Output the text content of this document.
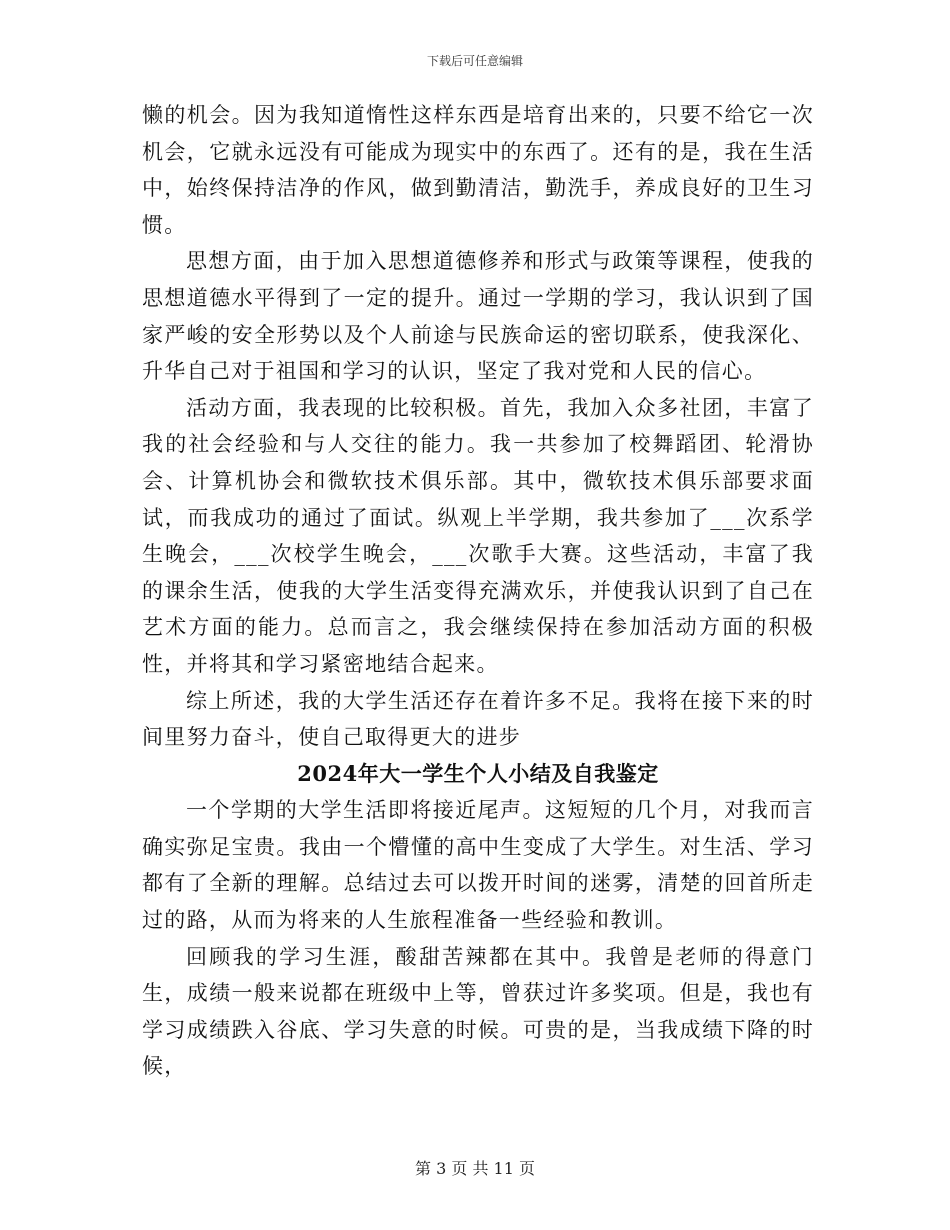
下载后可任意编辑

懒的机会。因为我知道惰性这样东西是培育出来的，只要不给它一次机会，它就永远没有可能成为现实中的东西了。还有的是，我在生活中，始终保持洁净的作风，做到勤清洁，勤洗手，养成良好的卫生习惯。

思想方面，由于加入思想道德修养和形式与政策等课程，使我的思想道德水平得到了一定的提升。通过一学期的学习，我认识到了国家严峻的安全形势以及个人前途与民族命运的密切联系，使我深化、升华自己对于祖国和学习的认识，坚定了我对党和人民的信心。

活动方面，我表现的比较积极。首先，我加入众多社团，丰富了我的社会经验和与人交往的能力。我一共参加了校舞蹈团、轮滑协会、计算机协会和微软技术俱乐部。其中，微软技术俱乐部要求面试，而我成功的通过了面试。纵观上半学期，我共参加了___次系学生晚会，___次校学生晚会，___次歌手大赛。这些活动，丰富了我的课余生活，使我的大学生活变得充满欢乐，并使我认识到了自己在艺术方面的能力。总而言之，我会继续保持在参加活动方面的积极性，并将其和学习紧密地结合起来。

综上所述，我的大学生活还存在着许多不足。我将在接下来的时间里努力奋斗，使自己取得更大的进步

2024年大一学生个人小结及自我鉴定

一个学期的大学生活即将接近尾声。这短短的几个月，对我而言确实弥足宝贵。我由一个懵懂的高中生变成了大学生。对生活、学习都有了全新的理解。总结过去可以拨开时间的迷雾，清楚的回首所走过的路，从而为将来的人生旅程准备一些经验和教训。

回顾我的学习生涯，酸甜苦辣都在其中。我曾是老师的得意门生，成绩一般来说都在班级中上等，曾获过许多奖项。但是，我也有学习成绩跌入谷底、学习失意的时候。可贵的是，当我成绩下降的时候，

第 3 页 共 11 页
